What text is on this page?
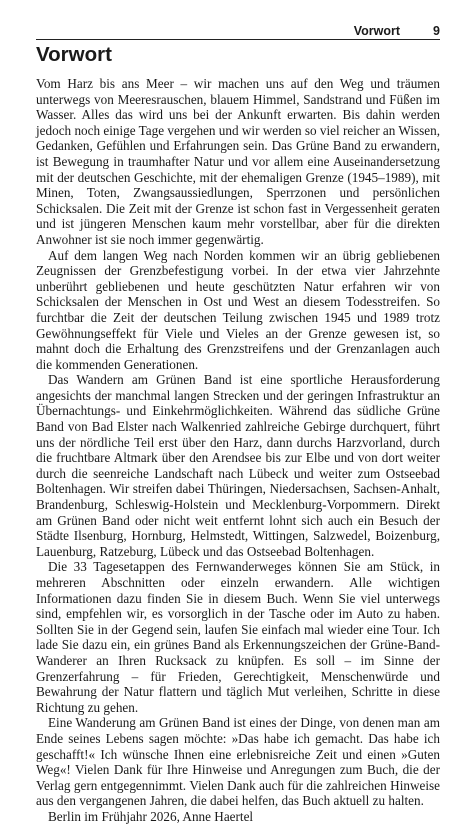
Vorwort	9
Vorwort

Vom Harz bis ans Meer – wir machen uns auf den Weg und träumen unterwegs von Meeresrauschen, blauem Himmel, Sandstrand und Füßen im Wasser. Alles das wird uns bei der Ankunft erwarten. Bis dahin werden jedoch noch einige Tage vergehen und wir werden so viel reicher an Wissen, Gedanken, Gefühlen und Erfahrungen sein. Das Grüne Band zu erwandern, ist Bewegung in traumhafter Natur und vor allem eine Auseinandersetzung mit der deutschen Geschichte, mit der ehemaligen Grenze (1945–1989), mit Minen, Toten, Zwangsaussiedlungen, Sperrzonen und persönlichen Schicksalen. Die Zeit mit der Grenze ist schon fast in Vergessenheit geraten und ist jüngeren Menschen kaum mehr vorstellbar, aber für die direkten Anwohner ist sie noch immer gegenwärtig.

Auf dem langen Weg nach Norden kommen wir an übrig gebliebenen Zeugnissen der Grenzbefestigung vorbei. In der etwa vier Jahrzehnte unberührt gebliebenen und heute geschützten Natur erfahren wir von Schicksalen der Menschen in Ost und West an diesem Todesstreifen. So furchtbar die Zeit der deutschen Teilung zwischen 1945 und 1989 trotz Gewöhnungseffekt für Viele und Vieles an der Grenze gewesen ist, so mahnt doch die Erhaltung des Grenzstreifens und der Grenzanlagen auch die kommenden Generationen.

Das Wandern am Grünen Band ist eine sportliche Herausforderung angesichts der manchmal langen Strecken und der geringen Infrastruktur an Übernachtungs- und Einkehrmöglichkeiten. Während das südliche Grüne Band von Bad Elster nach Walkenried zahlreiche Gebirge durchquert, führt uns der nördliche Teil erst über den Harz, dann durchs Harzvorland, durch die fruchtbare Altmark über den Arendsee bis zur Elbe und von dort weiter durch die seenreiche Landschaft nach Lübeck und weiter zum Ostseebad Boltenhagen. Wir streifen dabei Thüringen, Niedersachsen, Sachsen-Anhalt, Brandenburg, Schleswig-Holstein und Mecklenburg-Vorpommern. Direkt am Grünen Band oder nicht weit entfernt lohnt sich auch ein Besuch der Städte Ilsenburg, Hornburg, Helmstedt, Wittingen, Salzwedel, Boizenburg, Lauenburg, Ratzeburg, Lübeck und das Ostseebad Boltenhagen.

Die 33 Tagesetappen des Fernwanderweges können Sie am Stück, in mehreren Abschnitten oder einzeln erwandern. Alle wichtigen Informationen dazu finden Sie in diesem Buch. Wenn Sie viel unterwegs sind, empfehlen wir, es vorsorglich in der Tasche oder im Auto zu haben. Sollten Sie in der Gegend sein, laufen Sie einfach mal wieder eine Tour. Ich lade Sie dazu ein, ein grünes Band als Erkennungszeichen der Grüne-Band-Wanderer an Ihren Rucksack zu knüpfen. Es soll – im Sinne der Grenzerfahrung – für Frieden, Gerechtigkeit, Menschenwürde und Bewahrung der Natur flattern und täglich Mut verleihen, Schritte in diese Richtung zu gehen.

Eine Wanderung am Grünen Band ist eines der Dinge, von denen man am Ende seines Lebens sagen möchte: »Das habe ich gemacht. Das habe ich geschafft!« Ich wünsche Ihnen eine erlebnisreiche Zeit und einen »Guten Weg«! Vielen Dank für Ihre Hinweise und Anregungen zum Buch, die der Verlag gern entgegennimmt. Vielen Dank auch für die zahlreichen Hinweise aus den vergangenen Jahren, die dabei helfen, das Buch aktuell zu halten.

Berlin im Frühjahr 2026, Anne Haertel
